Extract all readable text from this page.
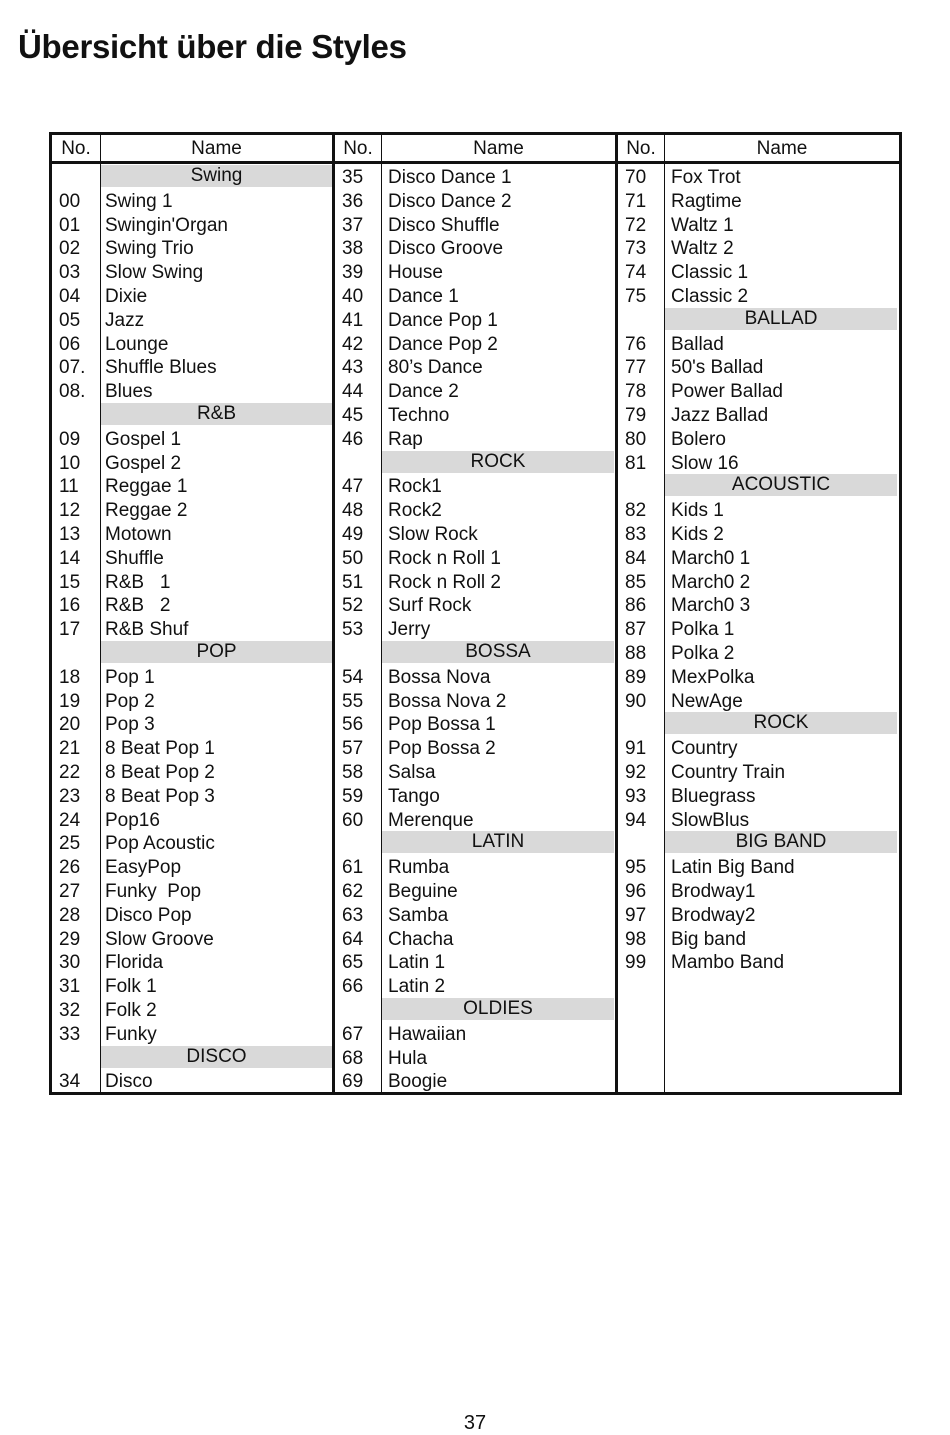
Übersicht über die Styles
No.	Name	No.	Name	No.	Name
Swing
00 Swing 1
01 Swingin'Organ
02 Swing Trio
03 Slow Swing
04 Dixie
05 Jazz
06 Lounge
07. Shuffle Blues
08. Blues
R&B
09 Gospel 1
10 Gospel 2
11 Reggae 1
12 Reggae 2
13 Motown
14 Shuffle
15 R&B   1
16 R&B   2
17 R&B Shuf
POP
18 Pop 1
19 Pop 2
20 Pop 3
21 8 Beat Pop 1
22 8 Beat Pop 2
23 8 Beat Pop 3
24 Pop16
25 Pop Acoustic
26 EasyPop
27 Funky  Pop
28 Disco Pop
29 Slow Groove
30 Florida
31 Folk 1
32 Folk 2
33 Funky
DISCO
34 Disco
35 Disco Dance 1
36 Disco Dance 2
37 Disco Shuffle
38 Disco Groove
39 House
40 Dance 1
41 Dance Pop 1
42 Dance Pop 2
43 80’s Dance
44 Dance 2
45 Techno
46 Rap
ROCK
47 Rock1
48 Rock2
49 Slow Rock
50 Rock n Roll 1
51 Rock n Roll 2
52 Surf Rock
53 Jerry
BOSSA
54 Bossa Nova
55 Bossa Nova 2
56 Pop Bossa 1
57 Pop Bossa 2
58 Salsa
59 Tango
60 Merenque
LATIN
61 Rumba
62 Beguine
63 Samba
64 Chacha
65 Latin 1
66 Latin 2
OLDIES
67 Hawaiian
68 Hula
69 Boogie
70 Fox Trot
71 Ragtime
72 Waltz 1
73 Waltz 2
74 Classic 1
75 Classic 2
BALLAD
76 Ballad
77 50's Ballad
78 Power Ballad
79 Jazz Ballad
80 Bolero
81 Slow 16
ACOUSTIC
82 Kids 1
83 Kids 2
84 March0 1
85 March0 2
86 March0 3
87 Polka 1
88 Polka 2
89 MexPolka
90 NewAge
ROCK
91 Country
92 Country Train
93 Bluegrass
94 SlowBlus
BIG BAND
95 Latin Big Band
96 Brodway1
97 Brodway2
98 Big band
99 Mambo Band
37
